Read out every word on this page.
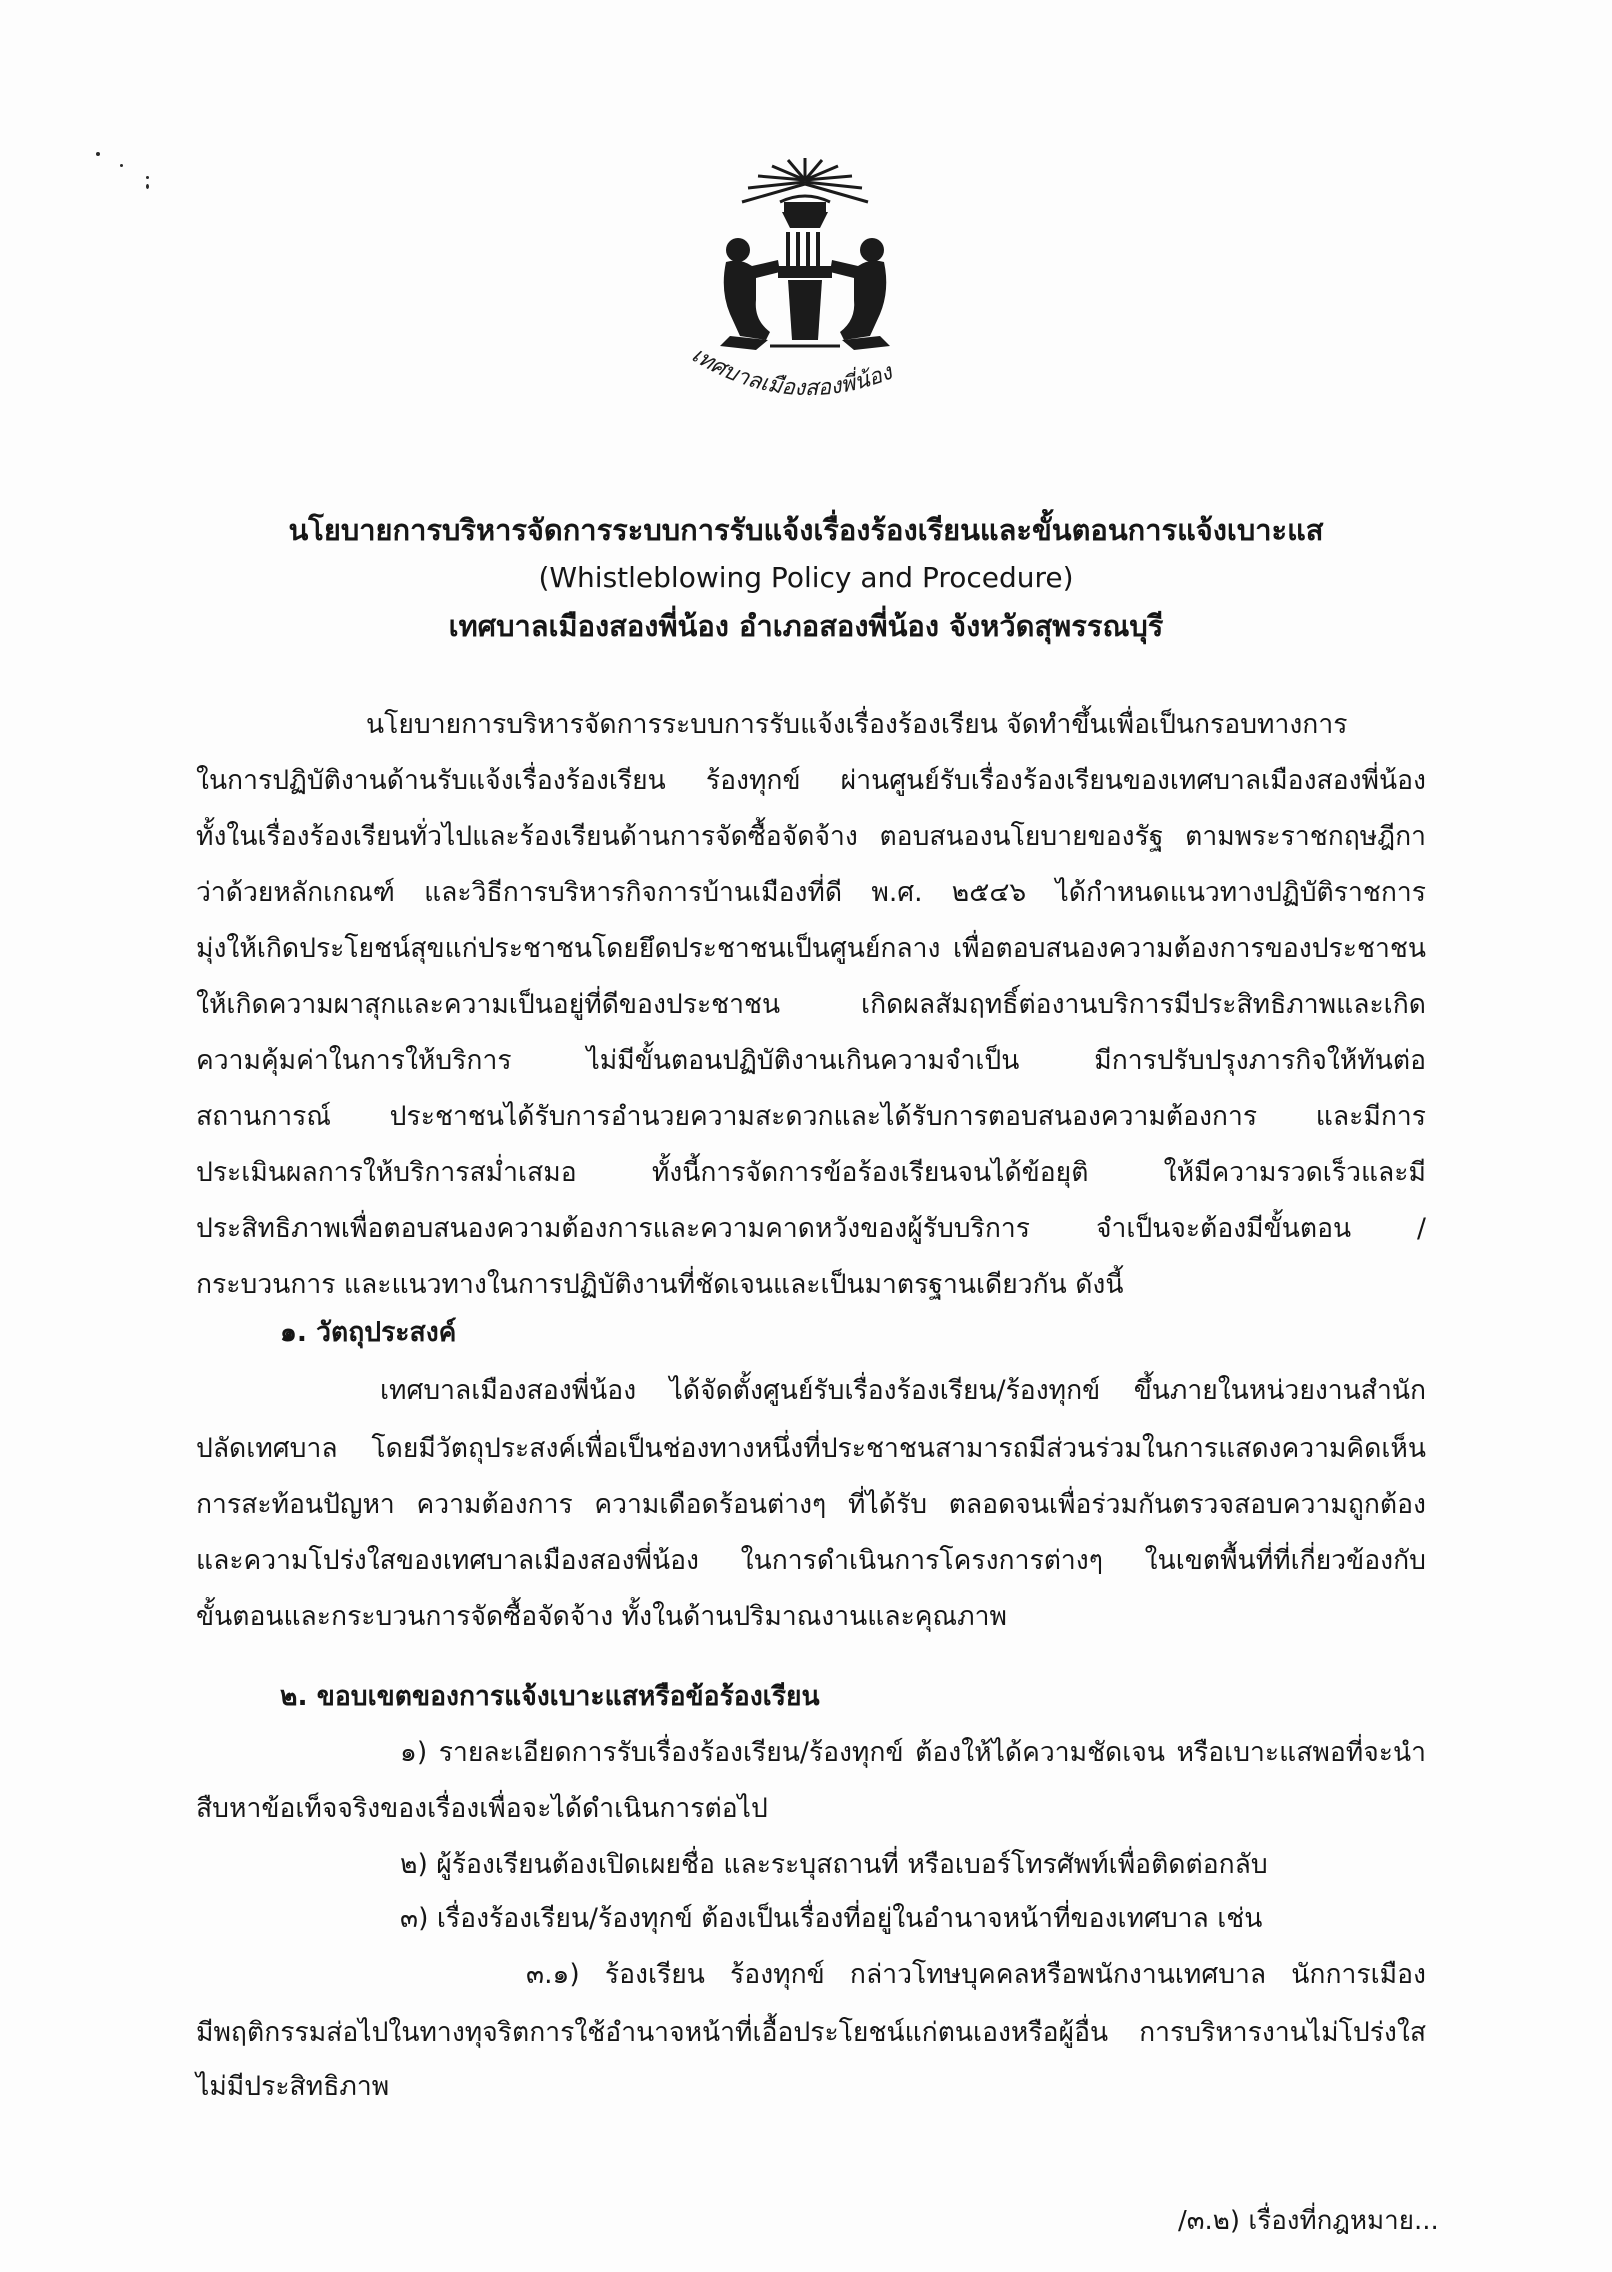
เทศบาลเมืองสองพี่น้อง
นโยบายการบริหารจัดการระบบการรับแจ้งเรื่องร้องเรียนและขั้นตอนการแจ้งเบาะแส
(Whistleblowing Policy and Procedure)
เทศบาลเมืองสองพี่น้อง อำเภอสองพี่น้อง จังหวัดสุพรรณบุรี
นโยบายการบริหารจัดการระบบการรับแจ้งเรื่องร้องเรียน จัดทำขึ้นเพื่อเป็นกรอบทางการ
ในการปฏิบัติงานด้านรับแจ้งเรื่องร้องเรียน ร้องทุกข์ ผ่านศูนย์รับเรื่องร้องเรียนของเทศบาลเมืองสองพี่น้อง
ทั้งในเรื่องร้องเรียนทั่วไปและร้องเรียนด้านการจัดซื้อจัดจ้าง ตอบสนองนโยบายของรัฐ ตามพระราชกฤษฎีกา
ว่าด้วยหลักเกณฑ์ และวิธีการบริหารกิจการบ้านเมืองที่ดี พ.ศ. ๒๕๔๖ ได้กำหนดแนวทางปฏิบัติราชการ
มุ่งให้เกิดประโยชน์สุขแก่ประชาชนโดยยึดประชาชนเป็นศูนย์กลาง เพื่อตอบสนองความต้องการของประชาชน
ให้เกิดความผาสุกและความเป็นอยู่ที่ดีของประชาชน เกิดผลสัมฤทธิ์ต่องานบริการมีประสิทธิภาพและเกิด
ความคุ้มค่าในการให้บริการ ไม่มีขั้นตอนปฏิบัติงานเกินความจำเป็น มีการปรับปรุงภารกิจให้ทันต่อ
สถานการณ์ ประชาชนได้รับการอำนวยความสะดวกและได้รับการตอบสนองความต้องการ และมีการ
ประเมินผลการให้บริการสม่ำเสมอ ทั้งนี้การจัดการข้อร้องเรียนจนได้ข้อยุติ ให้มีความรวดเร็วและมี
ประสิทธิภาพเพื่อตอบสนองความต้องการและความคาดหวังของผู้รับบริการ จำเป็นจะต้องมีขั้นตอน /
กระบวนการ และแนวทางในการปฏิบัติงานที่ชัดเจนและเป็นมาตรฐานเดียวกัน ดังนี้
๑. วัตถุประสงค์
เทศบาลเมืองสองพี่น้อง ได้จัดตั้งศูนย์รับเรื่องร้องเรียน/ร้องทุกข์ ขึ้นภายในหน่วยงานสำนัก
ปลัดเทศบาล โดยมีวัตถุประสงค์เพื่อเป็นช่องทางหนึ่งที่ประชาชนสามารถมีส่วนร่วมในการแสดงความคิดเห็น
การสะท้อนปัญหา ความต้องการ ความเดือดร้อนต่างๆ ที่ได้รับ ตลอดจนเพื่อร่วมกันตรวจสอบความถูกต้อง
และความโปร่งใสของเทศบาลเมืองสองพี่น้อง ในการดำเนินการโครงการต่างๆ ในเขตพื้นที่ที่เกี่ยวข้องกับ
ขั้นตอนและกระบวนการจัดซื้อจัดจ้าง ทั้งในด้านปริมาณงานและคุณภาพ
๒. ขอบเขตของการแจ้งเบาะแสหรือข้อร้องเรียน
๑) รายละเอียดการรับเรื่องร้องเรียน/ร้องทุกข์ ต้องให้ได้ความชัดเจน หรือเบาะแสพอที่จะนำ
สืบหาข้อเท็จจริงของเรื่องเพื่อจะได้ดำเนินการต่อไป
๒) ผู้ร้องเรียนต้องเปิดเผยชื่อ และระบุสถานที่ หรือเบอร์โทรศัพท์เพื่อติดต่อกลับ
๓) เรื่องร้องเรียน/ร้องทุกข์ ต้องเป็นเรื่องที่อยู่ในอำนาจหน้าที่ของเทศบาล เช่น
๓.๑) ร้องเรียน ร้องทุกข์ กล่าวโทษบุคคลหรือพนักงานเทศบาล นักการเมือง
มีพฤติกรรมส่อไปในทางทุจริตการใช้อำนาจหน้าที่เอื้อประโยชน์แก่ตนเองหรือผู้อื่น การบริหารงานไม่โปร่งใส
ไม่มีประสิทธิภาพ
/๓.๒) เรื่องที่กฎหมาย...
